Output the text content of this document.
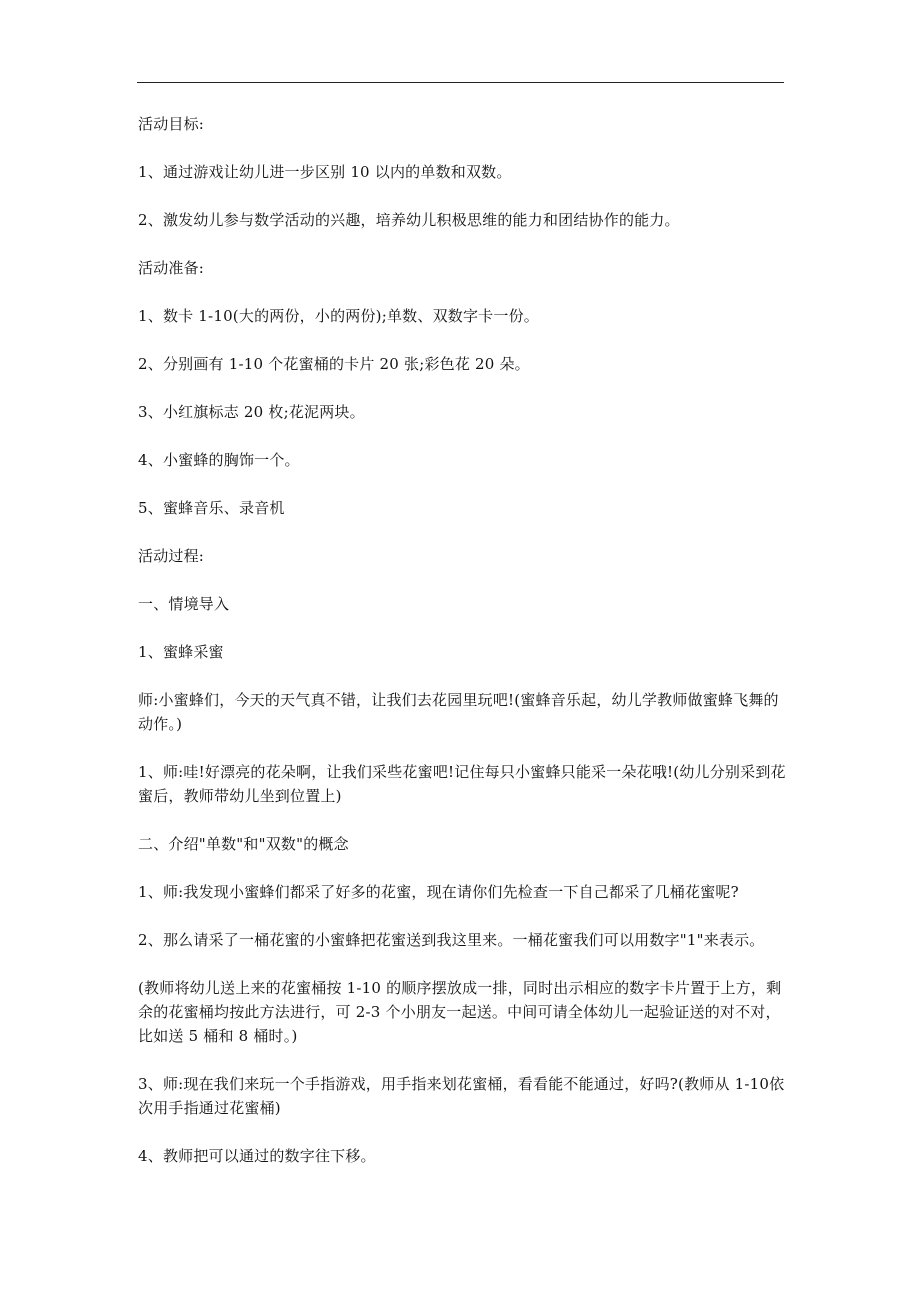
活动目标:

1、通过游戏让幼儿进一步区别 10 以内的单数和双数。

2、激发幼儿参与数学活动的兴趣，培养幼儿积极思维的能力和团结协作的能力。

活动准备:

1、数卡 1-10(大的两份，小的两份);单数、双数字卡一份。

2、分别画有 1-10 个花蜜桶的卡片 20 张;彩色花 20 朵。

3、小红旗标志 20 枚;花泥两块。

4、小蜜蜂的胸饰一个。

5、蜜蜂音乐、录音机

活动过程:

一、情境导入

1、蜜蜂采蜜

师:小蜜蜂们，今天的天气真不错，让我们去花园里玩吧!(蜜蜂音乐起，幼儿学教师做蜜蜂飞舞的动作。)

1、师:哇!好漂亮的花朵啊，让我们采些花蜜吧!记住每只小蜜蜂只能采一朵花哦!(幼儿分别采到花蜜后，教师带幼儿坐到位置上)

二、介绍"单数"和"双数"的概念

1、师:我发现小蜜蜂们都采了好多的花蜜，现在请你们先检查一下自己都采了几桶花蜜呢?

2、那么请采了一桶花蜜的小蜜蜂把花蜜送到我这里来。一桶花蜜我们可以用数字"1"来表示。

(教师将幼儿送上来的花蜜桶按 1-10 的顺序摆放成一排，同时出示相应的数字卡片置于上方，剩余的花蜜桶均按此方法进行，可 2-3 个小朋友一起送。中间可请全体幼儿一起验证送的对不对，比如送 5 桶和 8 桶时。)

3、师:现在我们来玩一个手指游戏，用手指来划花蜜桶，看看能不能通过，好吗?(教师从 1-10依次用手指通过花蜜桶)

4、教师把可以通过的数字往下移。
